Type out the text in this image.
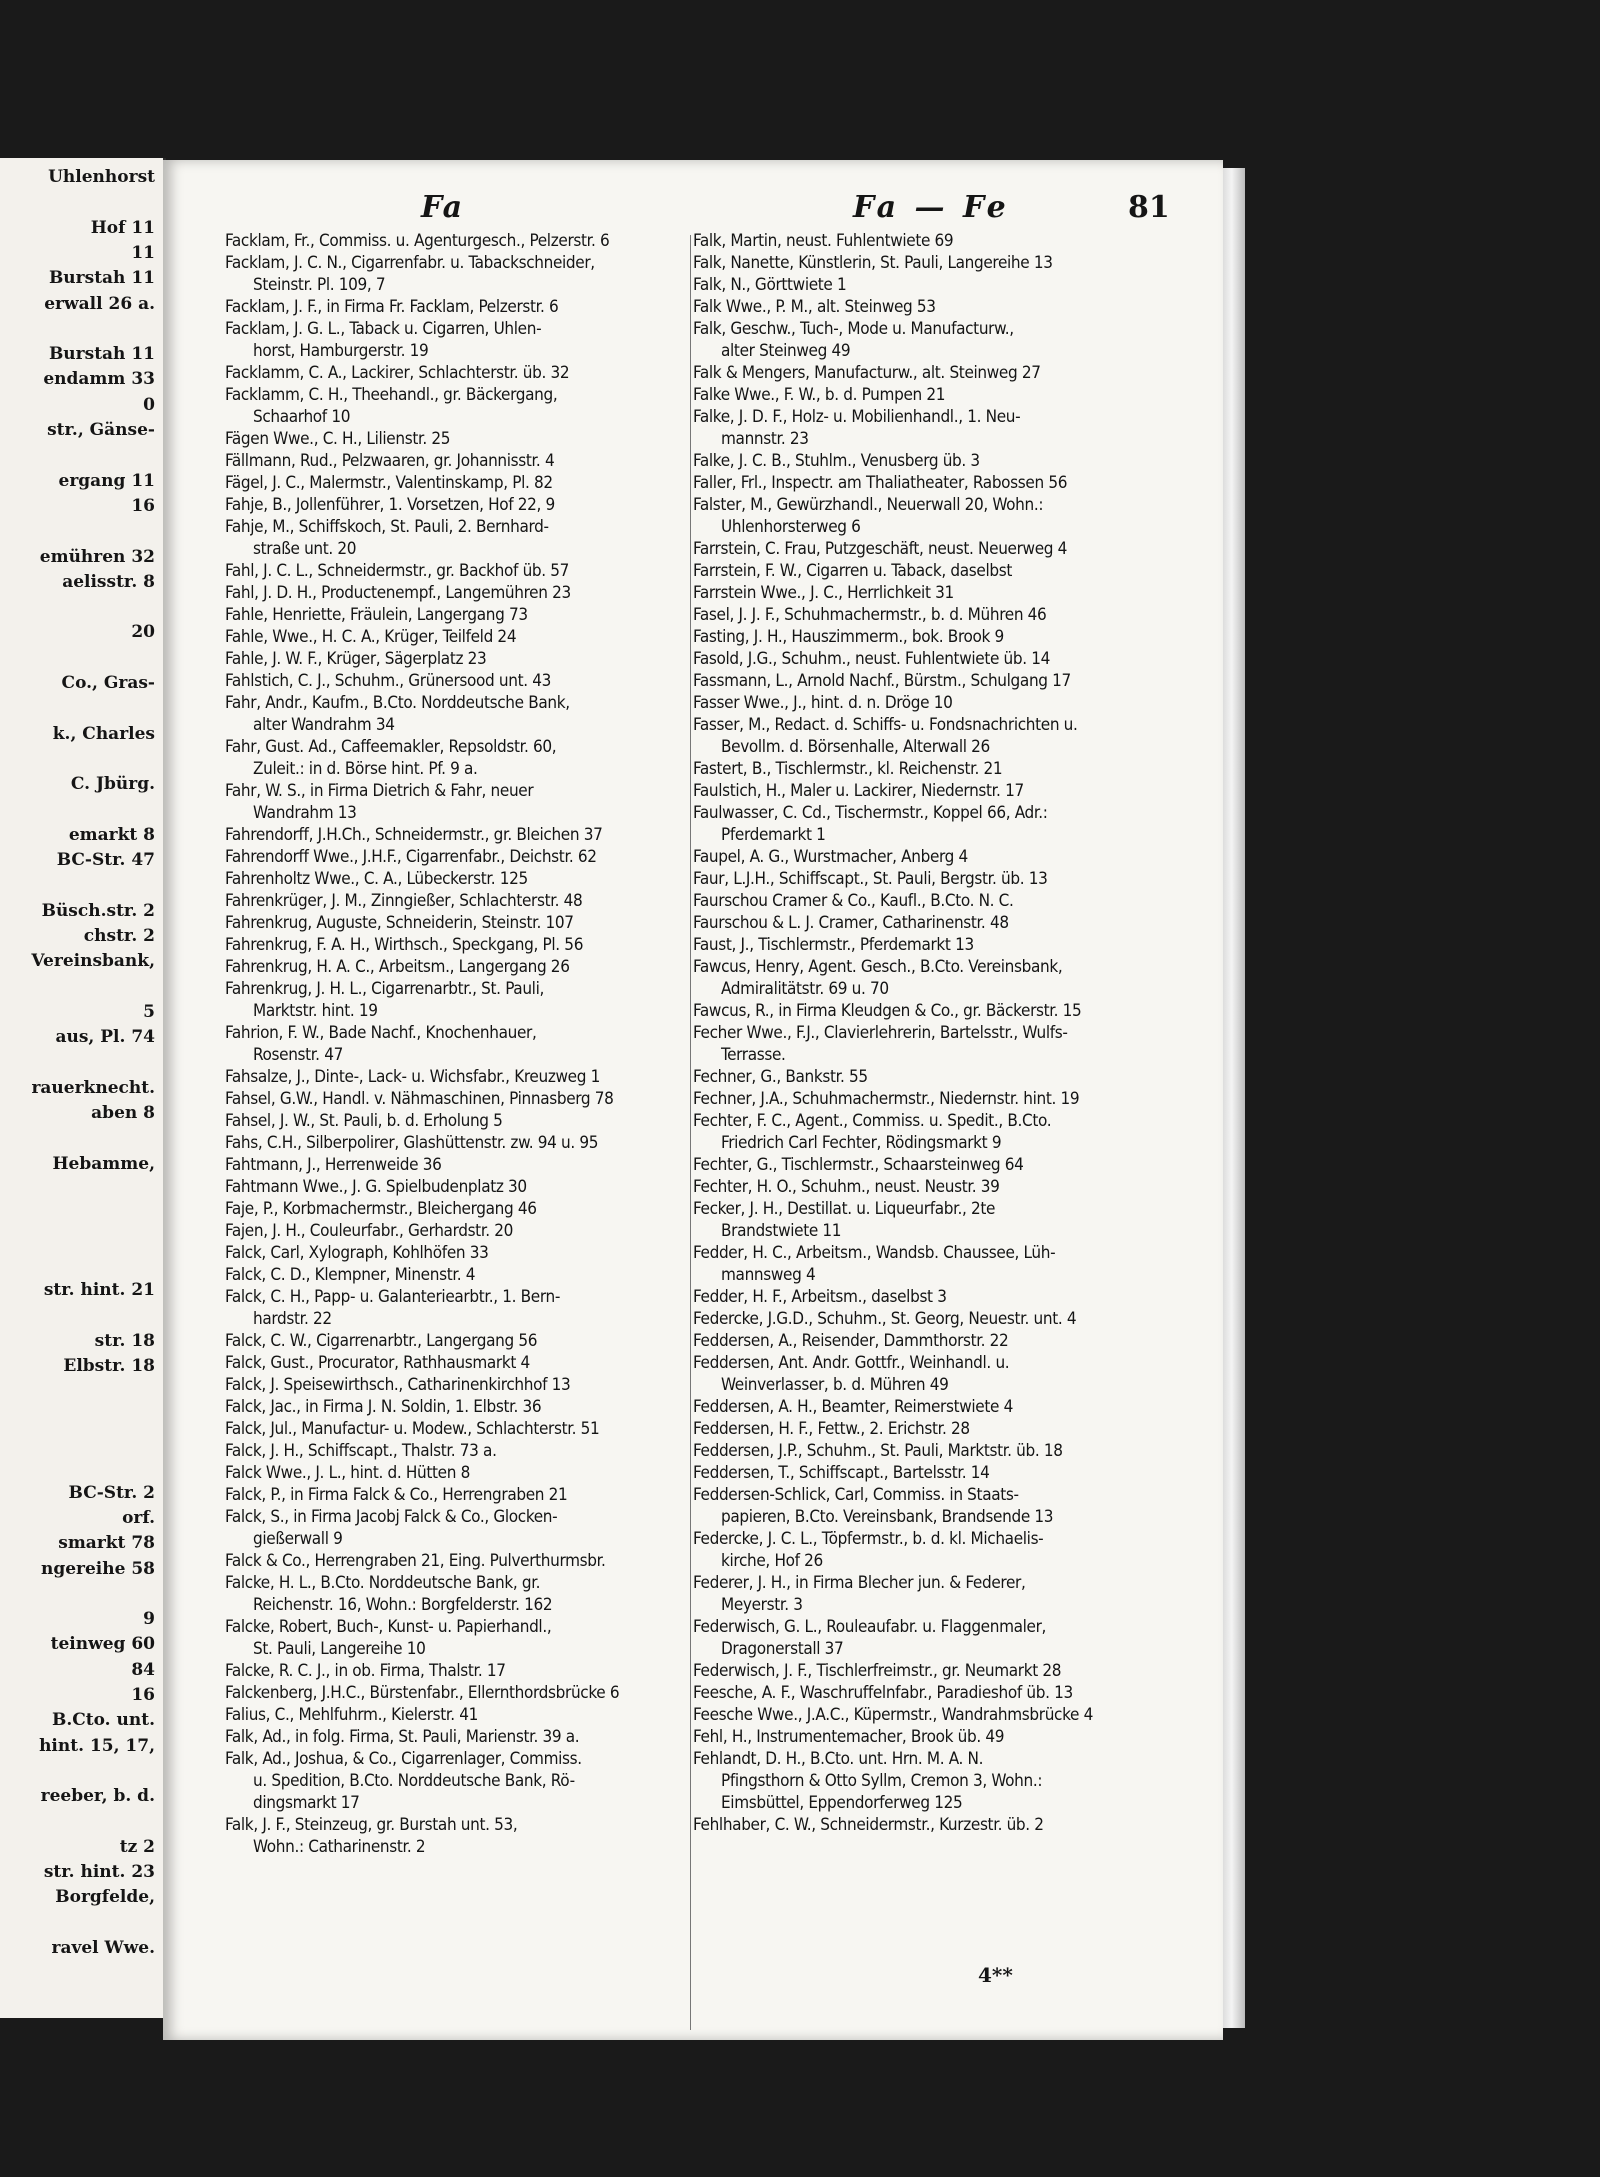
Uhlenhorst
Hof 11
11
Burstah 11
erwall 26 a.
Burstah 11
endamm 33
0
str., Gänse-
ergang 11
16
emühren 32
aelisstr. 8
20
Co., Gras-
k., Charles
C. Jbürg.
emarkt 8
BC-Str. 47
Büsch.str. 2
chstr. 2
Vereinsbank,
5
aus, Pl. 74
rauerknecht.
aben 8
Hebamme,
str. hint. 21
str. 18
Elbstr. 18
BC-Str. 2
orf.
smarkt 78
ngereihe 58
9
teinweg 60
84
16
B.Cto. unt.
hint. 15, 17,
reeber, b. d.
tz 2
str. hint. 23
Borgfelde,
ravel Wwe.
Fa	Fa — Fe	81
Facklam, Fr., Commiss. u. Agenturgesch., Pelzerstr. 6
Facklam, J. C. N., Cigarrenfabr. u. Tabackschneider,
Steinstr. Pl. 109, 7
Facklam, J. F., in Firma Fr. Facklam, Pelzerstr. 6
Facklam, J. G. L., Taback u. Cigarren, Uhlen-
horst, Hamburgerstr. 19
Facklamm, C. A., Lackirer, Schlachterstr. üb. 32
Facklamm, C. H., Theehandl., gr. Bäckergang,
Schaarhof 10
Fägen Wwe., C. H., Lilienstr. 25
Fällmann, Rud., Pelzwaaren, gr. Johannisstr. 4
Fägel, J. C., Malermstr., Valentinskamp, Pl. 82
Fahje, B., Jollenführer, 1. Vorsetzen, Hof 22, 9
Fahje, M., Schiffskoch, St. Pauli, 2. Bernhard-
straße unt. 20
Fahl, J. C. L., Schneidermstr., gr. Backhof üb. 57
Fahl, J. D. H., Productenempf., Langemühren 23
Fahle, Henriette, Fräulein, Langergang 73
Fahle, Wwe., H. C. A., Krüger, Teilfeld 24
Fahle, J. W. F., Krüger, Sägerplatz 23
Fahlstich, C. J., Schuhm., Grünersood unt. 43
Fahr, Andr., Kaufm., B.Cto. Norddeutsche Bank,
alter Wandrahm 34
Fahr, Gust. Ad., Caffeemakler, Repsoldstr. 60,
Zuleit.: in d. Börse hint. Pf. 9 a.
Fahr, W. S., in Firma Dietrich & Fahr, neuer
Wandrahm 13
Fahrendorff, J.H.Ch., Schneidermstr., gr. Bleichen 37
Fahrendorff Wwe., J.H.F., Cigarrenfabr., Deichstr. 62
Fahrenholtz Wwe., C. A., Lübeckerstr. 125
Fahrenkrüger, J. M., Zinngießer, Schlachterstr. 48
Fahrenkrug, Auguste, Schneiderin, Steinstr. 107
Fahrenkrug, F. A. H., Wirthsch., Speckgang, Pl. 56
Fahrenkrug, H. A. C., Arbeitsm., Langergang 26
Fahrenkrug, J. H. L., Cigarrenarbtr., St. Pauli,
Marktstr. hint. 19
Fahrion, F. W., Bade Nachf., Knochenhauer,
Rosenstr. 47
Fahsalze, J., Dinte-, Lack- u. Wichsfabr., Kreuzweg 1
Fahsel, G.W., Handl. v. Nähmaschinen, Pinnasberg 78
Fahsel, J. W., St. Pauli, b. d. Erholung 5
Fahs, C.H., Silberpolirer, Glashüttenstr. zw. 94 u. 95
Fahtmann, J., Herrenweide 36
Fahtmann Wwe., J. G. Spielbudenplatz 30
Faje, P., Korbmachermstr., Bleichergang 46
Fajen, J. H., Couleurfabr., Gerhardstr. 20
Falck, Carl, Xylograph, Kohlhöfen 33
Falck, C. D., Klempner, Minenstr. 4
Falck, C. H., Papp- u. Galanteriearbtr., 1. Bern-
hardstr. 22
Falck, C. W., Cigarrenarbtr., Langergang 56
Falck, Gust., Procurator, Rathhausmarkt 4
Falck, J. Speisewirthsch., Catharinenkirchhof 13
Falck, Jac., in Firma J. N. Soldin, 1. Elbstr. 36
Falck, Jul., Manufactur- u. Modew., Schlachterstr. 51
Falck, J. H., Schiffscapt., Thalstr. 73 a.
Falck Wwe., J. L., hint. d. Hütten 8
Falck, P., in Firma Falck & Co., Herrengraben 21
Falck, S., in Firma Jacobj Falck & Co., Glocken-
gießerwall 9
Falck & Co., Herrengraben 21, Eing. Pulverthurmsbr.
Falcke, H. L., B.Cto. Norddeutsche Bank, gr.
Reichenstr. 16, Wohn.: Borgfelderstr. 162
Falcke, Robert, Buch-, Kunst- u. Papierhandl.,
St. Pauli, Langereihe 10
Falcke, R. C. J., in ob. Firma, Thalstr. 17
Falckenberg, J.H.C., Bürstenfabr., Ellernthordsbrücke 6
Falius, C., Mehlfuhrm., Kielerstr. 41
Falk, Ad., in folg. Firma, St. Pauli, Marienstr. 39 a.
Falk, Ad., Joshua, & Co., Cigarrenlager, Commiss.
u. Spedition, B.Cto. Norddeutsche Bank, Rö-
dingsmarkt 17
Falk, J. F., Steinzeug, gr. Burstah unt. 53,
Wohn.: Catharinenstr. 2
Falk, Martin, neust. Fuhlentwiete 69
Falk, Nanette, Künstlerin, St. Pauli, Langereihe 13
Falk, N., Görttwiete 1
Falk Wwe., P. M., alt. Steinweg 53
Falk, Geschw., Tuch-, Mode u. Manufacturw.,
alter Steinweg 49
Falk & Mengers, Manufacturw., alt. Steinweg 27
Falke Wwe., F. W., b. d. Pumpen 21
Falke, J. D. F., Holz- u. Mobilienhandl., 1. Neu-
mannstr. 23
Falke, J. C. B., Stuhlm., Venusberg üb. 3
Faller, Frl., Inspectr. am Thaliatheater, Rabossen 56
Falster, M., Gewürzhandl., Neuerwall 20, Wohn.:
Uhlenhorsterweg 6
Farrstein, C. Frau, Putzgeschäft, neust. Neuerweg 4
Farrstein, F. W., Cigarren u. Taback, daselbst
Farrstein Wwe., J. C., Herrlichkeit 31
Fasel, J. J. F., Schuhmachermstr., b. d. Mühren 46
Fasting, J. H., Hauszimmerm., bok. Brook 9
Fasold, J.G., Schuhm., neust. Fuhlentwiete üb. 14
Fassmann, L., Arnold Nachf., Bürstm., Schulgang 17
Fasser Wwe., J., hint. d. n. Dröge 10
Fasser, M., Redact. d. Schiffs- u. Fondsnachrichten u.
Bevollm. d. Börsenhalle, Alterwall 26
Fastert, B., Tischlermstr., kl. Reichenstr. 21
Faulstich, H., Maler u. Lackirer, Niedernstr. 17
Faulwasser, C. Cd., Tischermstr., Koppel 66, Adr.:
Pferdemarkt 1
Faupel, A. G., Wurstmacher, Anberg 4
Faur, L.J.H., Schiffscapt., St. Pauli, Bergstr. üb. 13
Faurschou Cramer & Co., Kaufl., B.Cto. N. C.
Faurschou & L. J. Cramer, Catharinenstr. 48
Faust, J., Tischlermstr., Pferdemarkt 13
Fawcus, Henry, Agent. Gesch., B.Cto. Vereinsbank,
Admiralitätstr. 69 u. 70
Fawcus, R., in Firma Kleudgen & Co., gr. Bäckerstr. 15
Fecher Wwe., F.J., Clavierlehrerin, Bartelsstr., Wulfs-
Terrasse.
Fechner, G., Bankstr. 55
Fechner, J.A., Schuhmachermstr., Niedernstr. hint. 19
Fechter, F. C., Agent., Commiss. u. Spedit., B.Cto.
Friedrich Carl Fechter, Rödingsmarkt 9
Fechter, G., Tischlermstr., Schaarsteinweg 64
Fechter, H. O., Schuhm., neust. Neustr. 39
Fecker, J. H., Destillat. u. Liqueurfabr., 2te
Brandstwiete 11
Fedder, H. C., Arbeitsm., Wandsb. Chaussee, Lüh-
mannsweg 4
Fedder, H. F., Arbeitsm., daselbst 3
Federcke, J.G.D., Schuhm., St. Georg, Neuestr. unt. 4
Feddersen, A., Reisender, Dammthorstr. 22
Feddersen, Ant. Andr. Gottfr., Weinhandl. u.
Weinverlasser, b. d. Mühren 49
Feddersen, A. H., Beamter, Reimerstwiete 4
Feddersen, H. F., Fettw., 2. Erichstr. 28
Feddersen, J.P., Schuhm., St. Pauli, Marktstr. üb. 18
Feddersen, T., Schiffscapt., Bartelsstr. 14
Feddersen-Schlick, Carl, Commiss. in Staats-
papieren, B.Cto. Vereinsbank, Brandsende 13
Federcke, J. C. L., Töpfermstr., b. d. kl. Michaelis-
kirche, Hof 26
Federer, J. H., in Firma Blecher jun. & Federer,
Meyerstr. 3
Federwisch, G. L., Rouleaufabr. u. Flaggenmaler,
Dragonerstall 37
Federwisch, J. F., Tischlerfreimstr., gr. Neumarkt 28
Feesche, A. F., Waschruffelnfabr., Paradieshof üb. 13
Feesche Wwe., J.A.C., Küpermstr., Wandrahmsbrücke 4
Fehl, H., Instrumentemacher, Brook üb. 49
Fehlandt, D. H., B.Cto. unt. Hrn. M. A. N.
Pfingsthorn & Otto Syllm, Cremon 3, Wohn.:
Eimsbüttel, Eppendorferweg 125
Fehlhaber, C. W., Schneidermstr., Kurzestr. üb. 2
4**
